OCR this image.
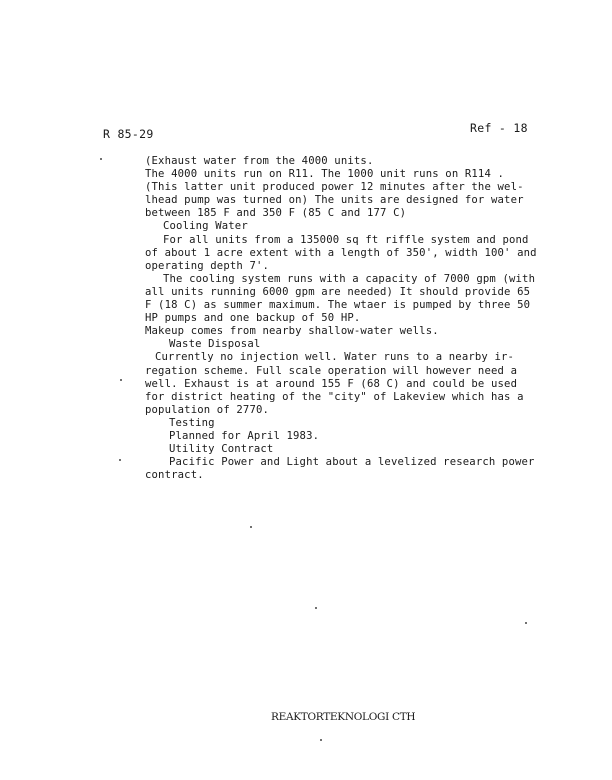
R 85-29	Ref - 18
(Exhaust water from the 4000 units.
The 4000 units run on R11. The 1000 unit runs on R114 .
(This latter unit produced power 12 minutes after the wel-
lhead pump was turned on) The units are designed for water
between 185 F and 350 F (85 C and 177 C)
Cooling Water
For all units from a 135000 sq ft riffle system and pond
of about 1 acre extent with a length of 350', width 100' and
operating depth 7'.
The cooling system runs with a capacity of 7000 gpm (with
all units running 6000 gpm are needed) It should provide 65
F (18 C) as summer maximum. The wtaer is pumped by three 50
HP pumps and one backup of 50 HP.
Makeup comes from nearby shallow-water wells.
Waste Disposal
Currently no injection well. Water runs to a nearby ir-
regation scheme. Full scale operation will however need a
well. Exhaust is at around 155 F (68 C) and could be used
for district heating of the "city" of Lakeview which has a
population of 2770.
Testing
Planned for April 1983.
Utility Contract
Pacific Power and Light about a levelized research power
contract.
REAKTORTEKNOLOGI CTH
